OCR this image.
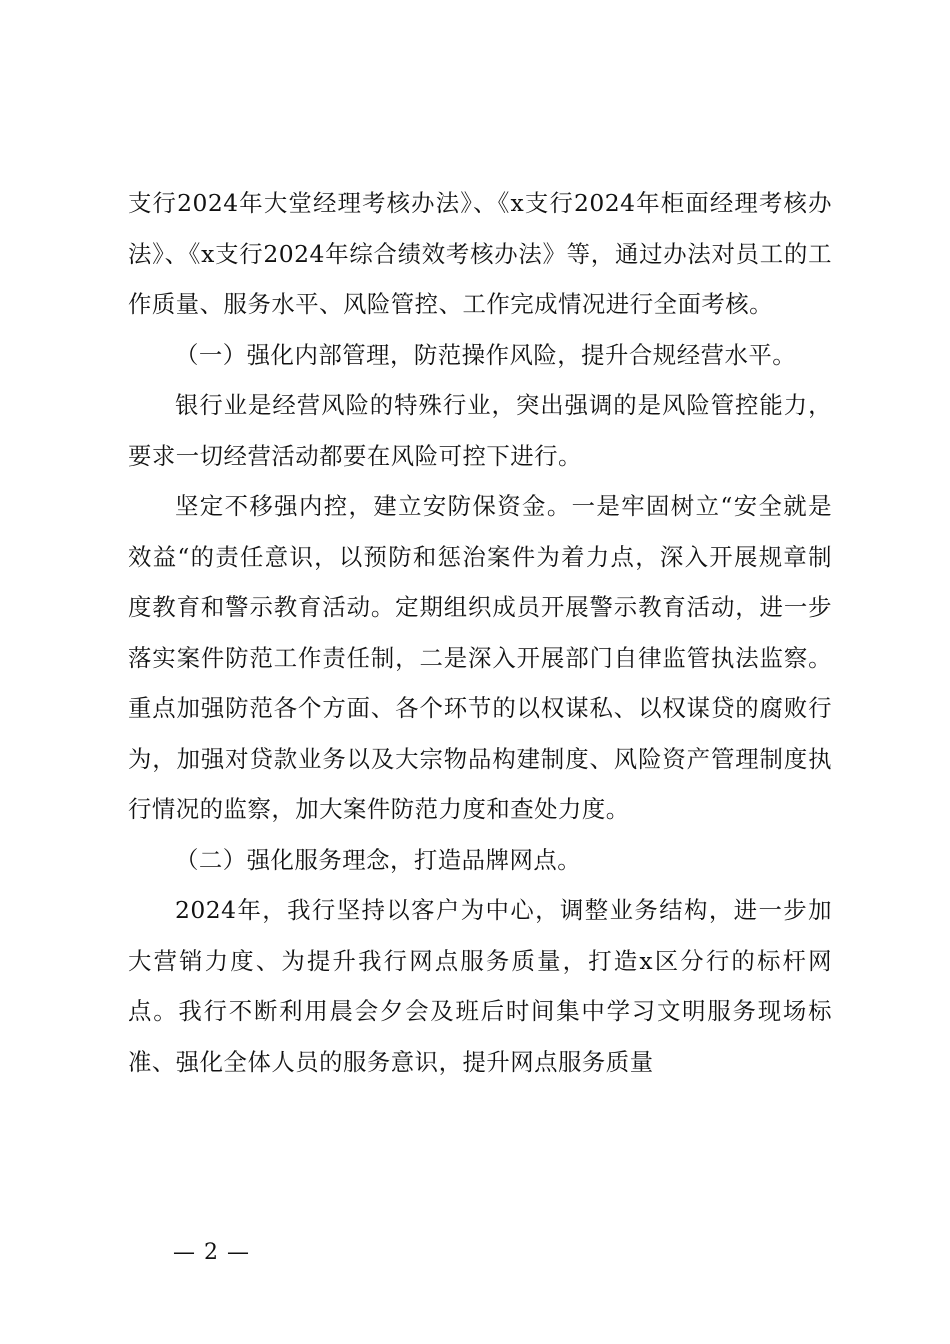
支行2024年大堂经理考核办法》、《x支行2024年柜面经理考核办法》、《x支行2024年综合绩效考核办法》等，通过办法对员工的工作质量、服务水平、风险管控、工作完成情况进行全面考核。

（一）强化内部管理，防范操作风险，提升合规经营水平。

银行业是经营风险的特殊行业，突出强调的是风险管控能力，要求一切经营活动都要在风险可控下进行。

坚定不移强内控，建立安防保资金。一是牢固树立“安全就是效益“的责任意识，以预防和惩治案件为着力点，深入开展规章制度教育和警示教育活动。定期组织成员开展警示教育活动，进一步落实案件防范工作责任制，二是深入开展部门自律监管执法监察。重点加强防范各个方面、各个环节的以权谋私、以权谋贷的腐败行为，加强对贷款业务以及大宗物品构建制度、风险资产管理制度执行情况的监察，加大案件防范力度和查处力度。

（二）强化服务理念，打造品牌网点。

2024年，我行坚持以客户为中心，调整业务结构，进一步加大营销力度、为提升我行网点服务质量，打造x区分行的标杆网点。我行不断利用晨会夕会及班后时间集中学习文明服务现场标准、强化全体人员的服务意识，提升网点服务质量

— 2 —
